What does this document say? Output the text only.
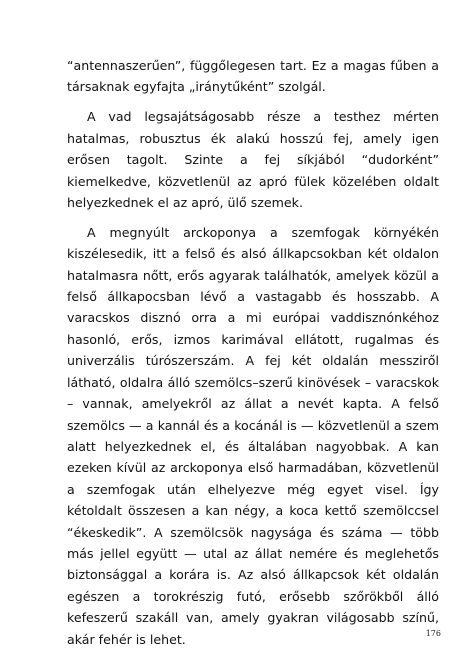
“antennaszerűen”, függőlegesen tart. Ez a magas fűben a társaknak egyfajta „iránytűként” szolgál.

A vad legsajátságosabb része a testhez mérten hatalmas, robusztus ék alakú hosszú fej, amely igen erősen tagolt. Szinte a fej síkjából “dudorként” kiemelkedve, közvetlenül az apró fülek közelében oldalt helyezkednek el az apró, ülő szemek.

A megnyúlt arckoponya a szemfogak környékén kiszélesedik, itt a felső és alsó állkapcsokban két oldalon hatalmasra nőtt, erős agyarak találhatók, amelyek közül a felső állkapocsban lévő a vastagabb és hosszabb. A varacskos disznó orra a mi európai vaddisznónkéhoz hasonló, erős, izmos karimával ellátott, rugalmas és univerzális túrószerszám. A fej két oldalán messziről látható, oldalra álló szemölcs–szerű kinövések – varacskok – vannak, amelyekről az állat a nevét kapta. A felső szemölcs — a kannál és a kocánál is — közvetlenül a szem alatt helyezkednek el, és általában nagyobbak. A kan ezeken kívül az arckoponya első harmadában, közvetlenül a szemfogak után elhelyezve még egyet visel. Így kétoldalt összesen a kan négy, a koca kettő szemölccsel “ékeskedik”. A szemölcsök nagysága és száma — több más jellel együtt — utal az állat nemére és meglehetős biztonsággal a korára is. Az alsó állkapcsok két oldalán egészen a torokrészig futó, erősebb szőrökből álló kefeszerű szakáll van, amely gyakran világosabb színű, akár fehér is lehet.	176
